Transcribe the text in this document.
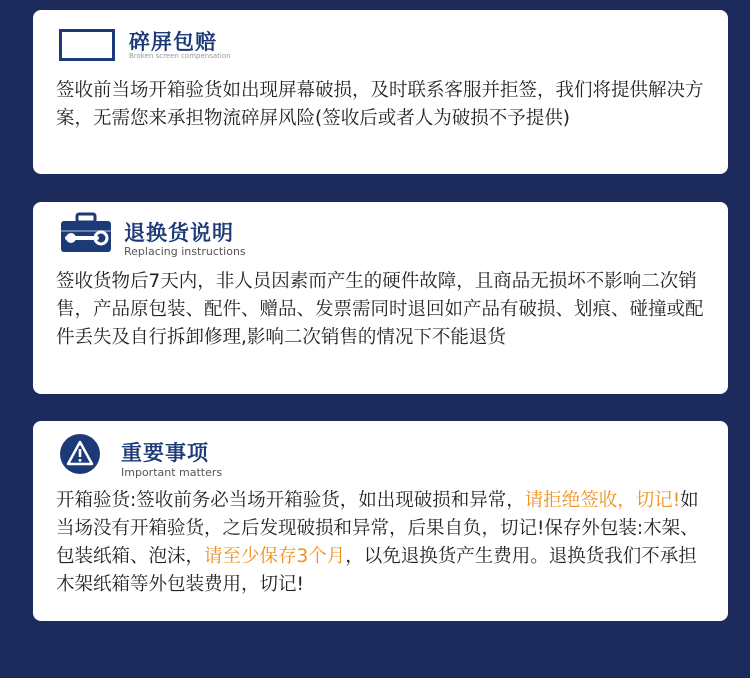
碎屏包赔
Broken screen compensation

签收前当场开箱验货如出现屏幕破损，及时联系客服并拒签，我们将提供解决方案，无需您来承担物流碎屏风险(签收后或者人为破损不予提供)

退换货说明
Replacing instructions

签收货物后7天内，非人员因素而产生的硬件故障，且商品无损坏不影响二次销售，产品原包装、配件、赠品、发票需同时退回如产品有破损、划痕、碰撞或配件丢失及自行拆卸修理,影响二次销售的情况下不能退货

重要事项
Important matters

开箱验货:签收前务必当场开箱验货，如出现破损和异常，请拒绝签收，切记!如当场没有开箱验货，之后发现破损和异常，后果自负，切记!保存外包装:木架、包装纸箱、泡沫，请至少保存3个月，以免退换货产生费用。退换货我们不承担木架纸箱等外包装费用，切记!
